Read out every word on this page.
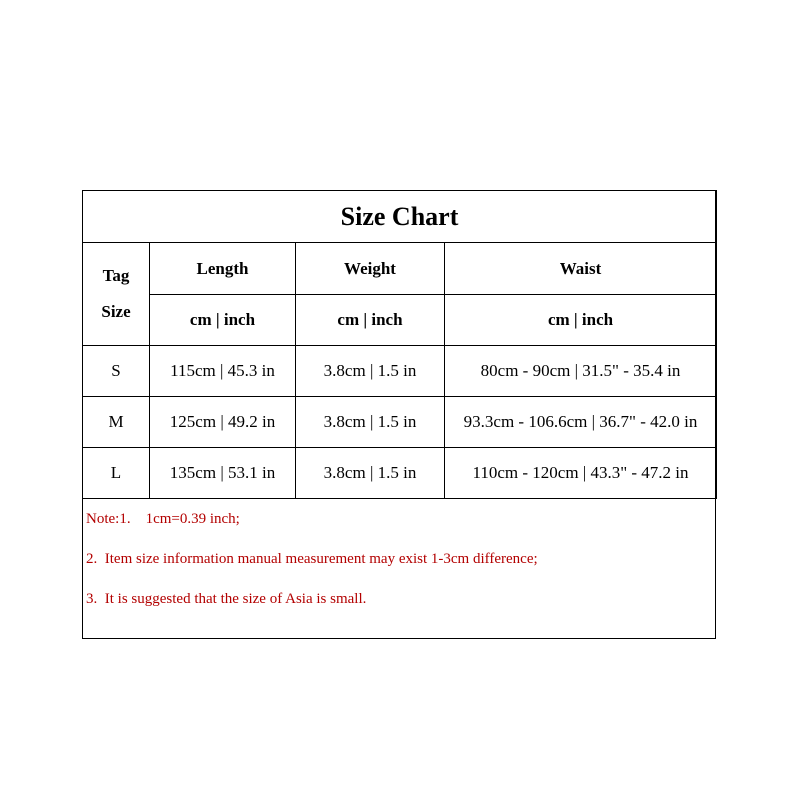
Size Chart			

Tag
Size	Length	Weight	Waist
	cm | inch	cm | inch	cm | inch
S	115cm | 45.3 in	3.8cm | 1.5 in	80cm - 90cm | 31.5" - 35.4 in
M	125cm | 49.2 in	3.8cm | 1.5 in	93.3cm - 106.6cm | 36.7" - 42.0 in
L	135cm | 53.1 in	3.8cm | 1.5 in	110cm - 120cm | 43.3" - 47.2 in
Note:1.    1cm=0.39 inch;
2.  Item size information manual measurement may exist 1-3cm difference;
3.  It is suggested that the size of Asia is small.
